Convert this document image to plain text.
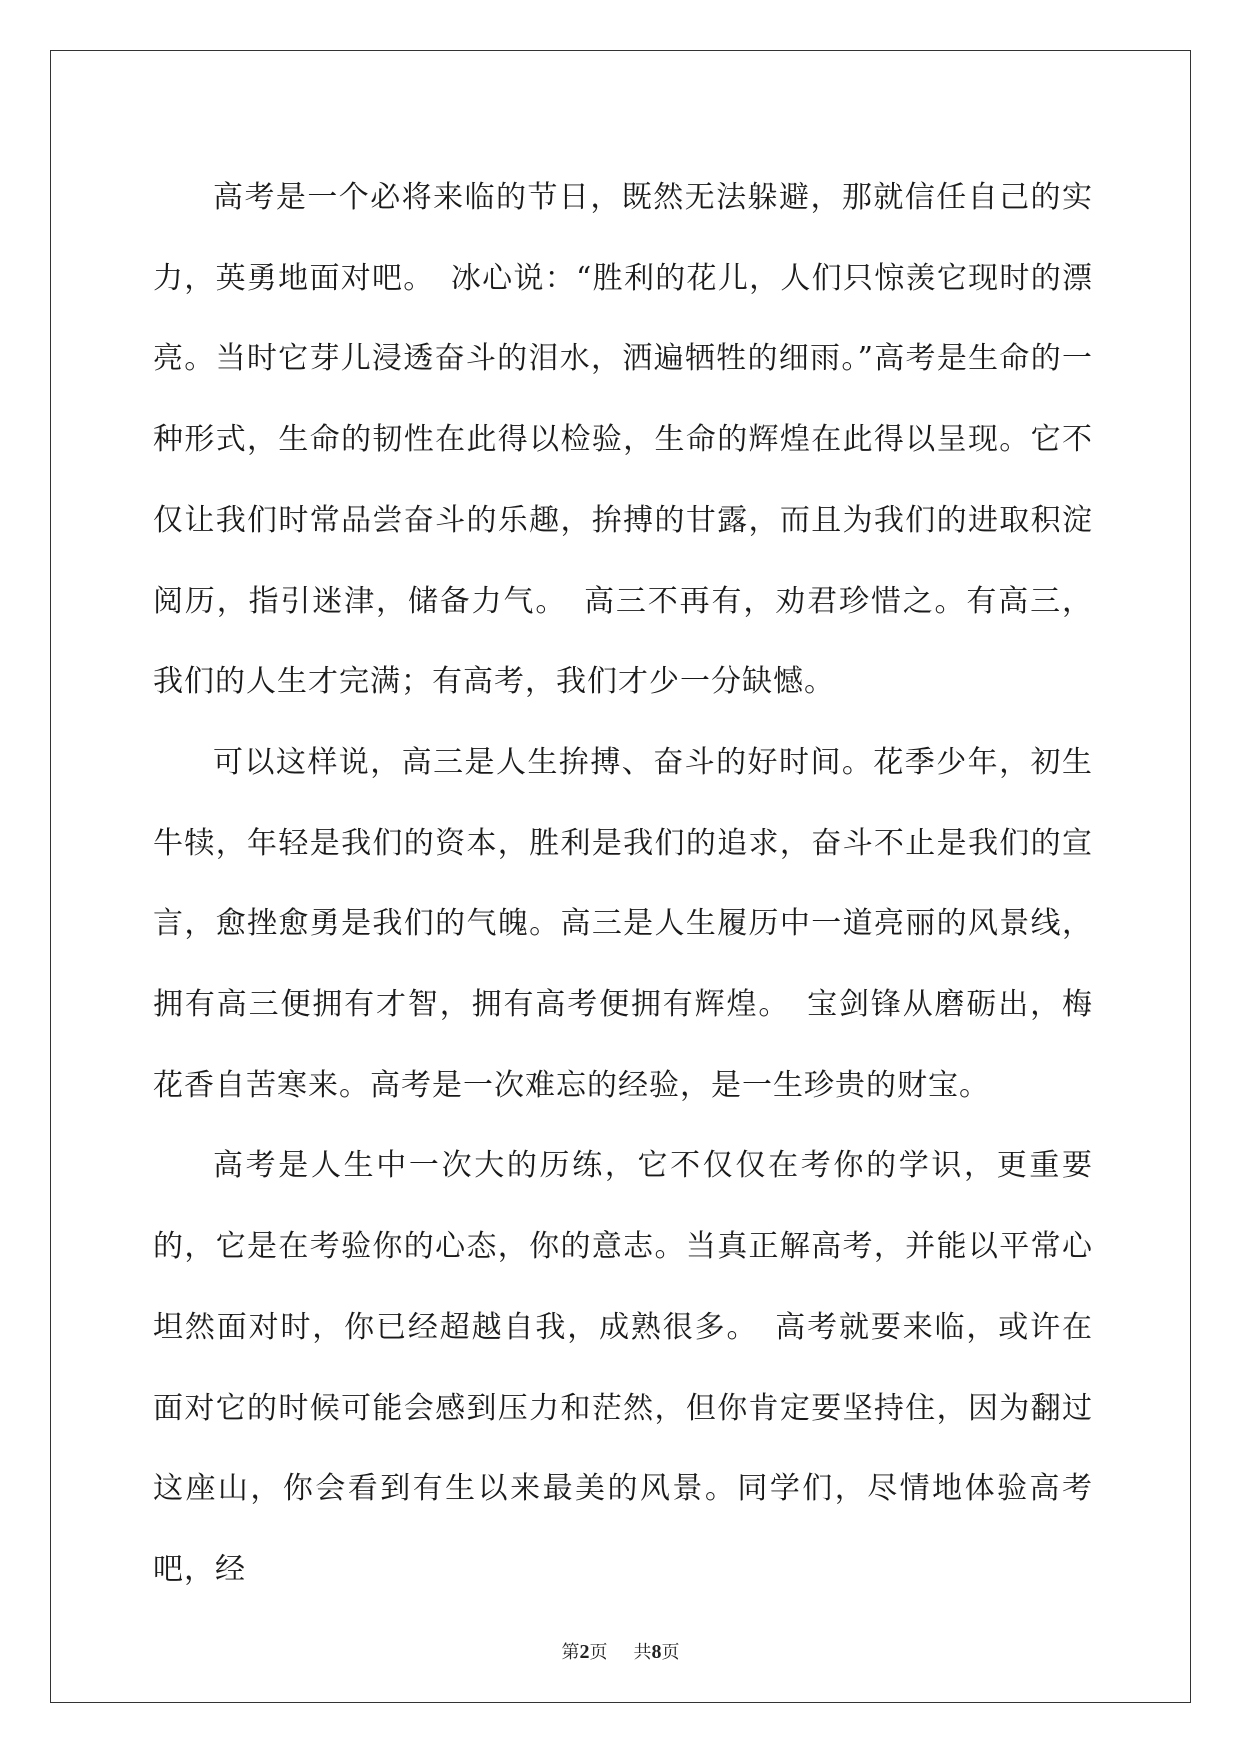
高考是一个必将来临的节日，既然无法躲避，那就信任自己的实力，英勇地面对吧。　冰心说：“胜利的花儿，人们只惊羡它现时的漂亮。当时它芽儿浸透奋斗的泪水，洒遍牺牲的细雨。”高考是生命的一种形式，生命的韧性在此得以检验，生命的辉煌在此得以呈现。它不仅让我们时常品尝奋斗的乐趣，拚搏的甘露，而且为我们的进取积淀阅历，指引迷津，储备力气。　高三不再有，劝君珍惜之。有高三，我们的人生才完满；有高考，我们才少一分缺憾。

可以这样说，高三是人生拚搏、奋斗的好时间。花季少年，初生牛犊，年轻是我们的资本，胜利是我们的追求，奋斗不止是我们的宣言，愈挫愈勇是我们的气魄。高三是人生履历中一道亮丽的风景线，拥有高三便拥有才智，拥有高考便拥有辉煌。　宝剑锋从磨砺出，梅花香自苦寒来。高考是一次难忘的经验，是一生珍贵的财宝。

高考是人生中一次大的历练，它不仅仅在考你的学识，更重要的，它是在考验你的心态，你的意志。当真正解高考，并能以平常心坦然面对时，你已经超越自我，成熟很多。　高考就要来临，或许在面对它的时候可能会感到压力和茫然，但你肯定要坚持住，因为翻过这座山，你会看到有生以来最美的风景。同学们，尽情地体验高考吧，经

第2页 共8页
